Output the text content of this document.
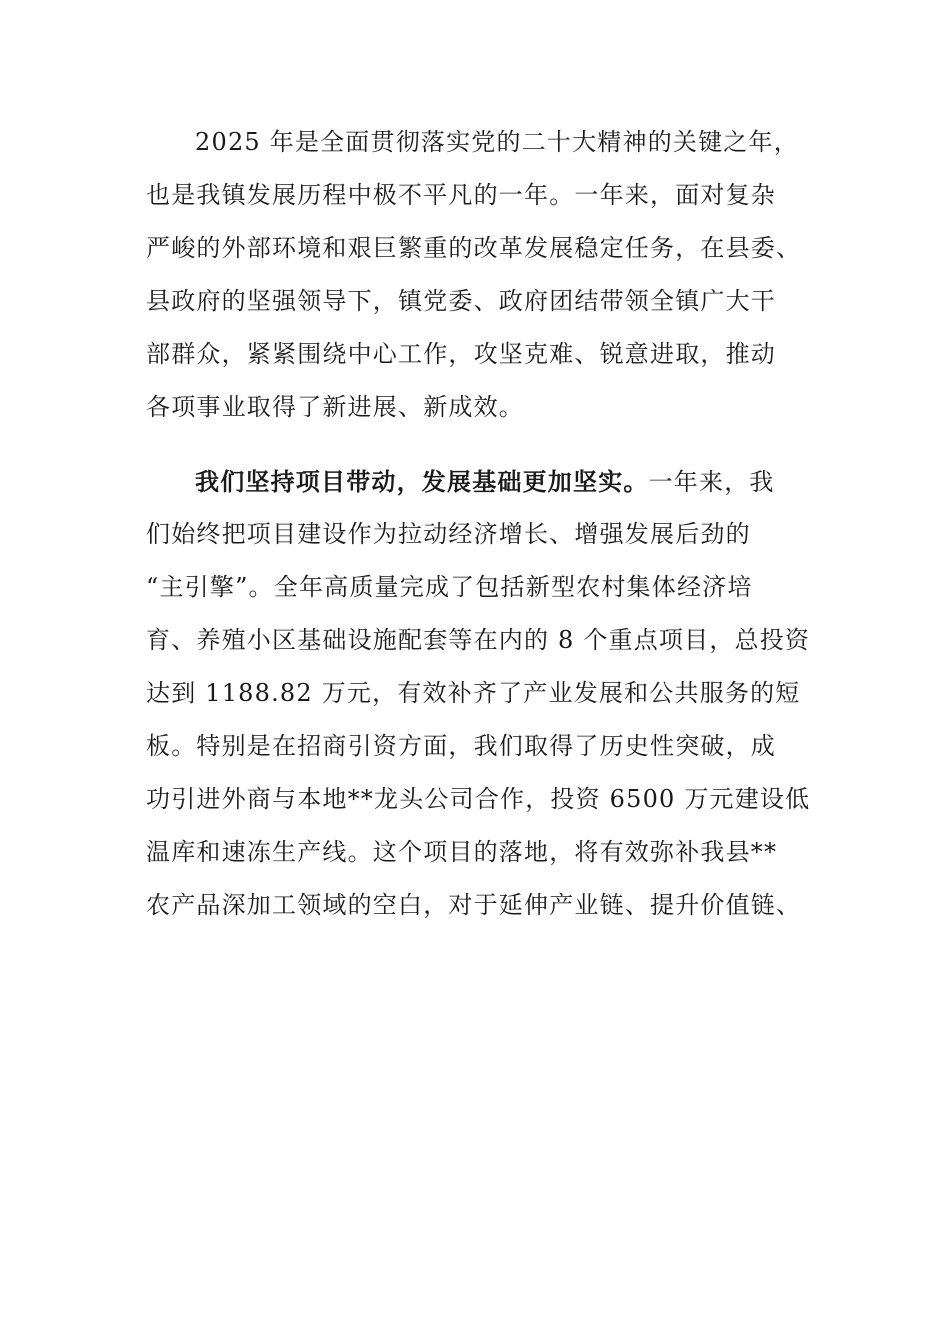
2025 年是全面贯彻落实党的二十大精神的关键之年，
也是我镇发展历程中极不平凡的一年。一年来，面对复杂
严峻的外部环境和艰巨繁重的改革发展稳定任务，在县委、
县政府的坚强领导下，镇党委、政府团结带领全镇广大干
部群众，紧紧围绕中心工作，攻坚克难、锐意进取，推动
各项事业取得了新进展、新成效。
我们坚持项目带动，发展基础更加坚实。一年来，我
们始终把项目建设作为拉动经济增长、增强发展后劲的
“主引擎”。全年高质量完成了包括新型农村集体经济培
育、养殖小区基础设施配套等在内的 8 个重点项目，总投资
达到 1188.82 万元，有效补齐了产业发展和公共服务的短
板。特别是在招商引资方面，我们取得了历史性突破，成
功引进外商与本地**龙头公司合作，投资 6500 万元建设低
温库和速冻生产线。这个项目的落地，将有效弥补我县**
农产品深加工领域的空白，对于延伸产业链、提升价值链、
